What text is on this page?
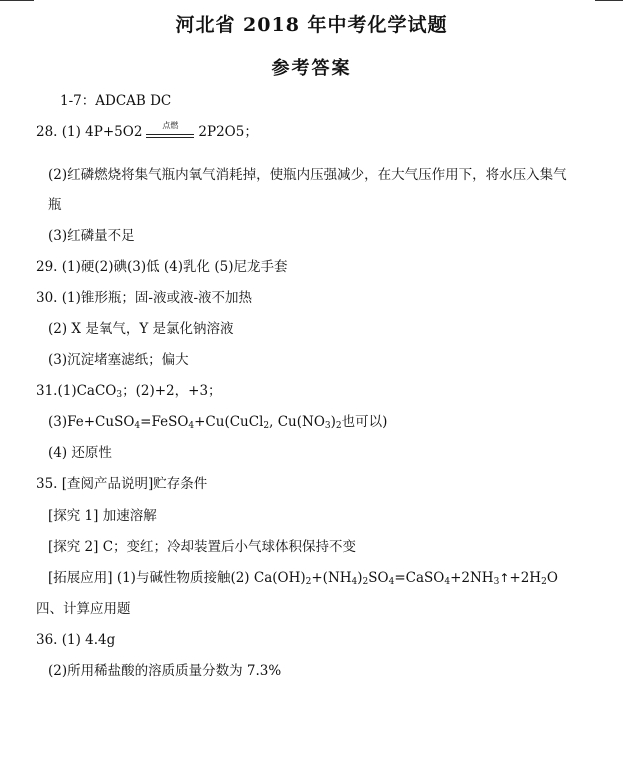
河北省 2018 年中考化学试题
参考答案
1-7：ADCAB DC
28. (1) 4P+5O2	点燃	2P2O5；
(2)红磷燃烧将集气瓶内氧气消耗掉，使瓶内压强减少，在大气压作用下，将水压入集气
瓶
(3)红磷量不足
29. (1)硬(2)碘(3)低 (4)乳化 (5)尼龙手套
30. (1)锥形瓶；固-液或液-液不加热
(2) X 是氧气，Y 是氯化钠溶液
(3)沉淀堵塞滤纸；偏大
31.(1)CaCO$_3$；(2)+2，+3；
(3)Fe+CuSO$_4$=FeSO$_4$+Cu(CuCl$_2$, $Cu(NO_3)_2$也可以)
(4) 还原性
35. [查阅产品说明]贮存条件
[探究 1] 加速溶解
[探究 2] C；变红；冷却装置后小气球体积保持不变
[拓展应用] (1)与碱性物质接触(2) $Ca(OH)_2+(NH_4)_2SO_4=CaSO_4+2NH_3↑+2H_2O$
四、计算应用题
36. (1) 4.4g
(2)所用稀盐酸的溶质质量分数为 7.3%
